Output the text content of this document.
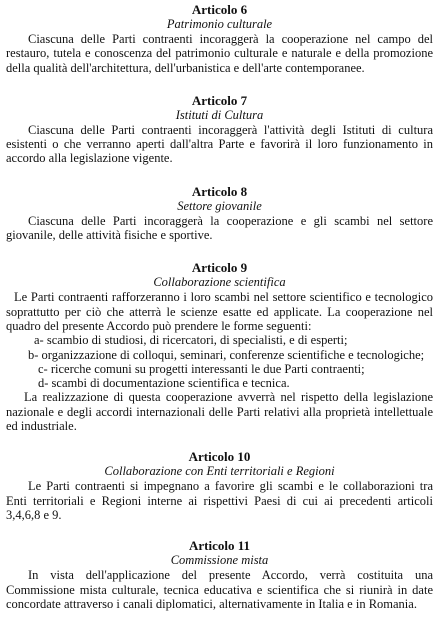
Articolo 6

Patrimonio culturale

Ciascuna delle Parti contraenti incoraggerà la cooperazione nel campo del restauro, tutela e conoscenza del patrimonio culturale e naturale e della promozione della qualità dell'architettura, dell'urbanistica e dell'arte contemporanee.

Articolo 7

Istituti di Cultura

Ciascuna delle Parti contraenti incoraggerà l'attività degli Istituti di cultura esistenti o che verranno aperti dall'altra Parte e favorirà il loro funzionamento in accordo alla legislazione vigente.

Articolo 8

Settore giovanile

Ciascuna delle Parti incoraggerà la cooperazione e gli scambi nel settore giovanile, delle attività fisiche e sportive.

Articolo 9

Collaborazione scientifica

Le Parti contraenti rafforzeranno i loro scambi nel settore scientifico e tecnologico soprattutto per ciò che atterrà le scienze esatte ed applicate. La cooperazione nel quadro del presente Accordo può prendere le forme seguenti:

a- scambio di studiosi, di ricercatori, di specialisti, e di esperti;

b- organizzazione di colloqui, seminari, conferenze scientifiche e tecnologiche;

c- ricerche comuni su progetti interessanti le due Parti contraenti;

d- scambi di documentazione scientifica e tecnica.

La realizzazione di questa cooperazione avverrà nel rispetto della legislazione nazionale e degli accordi internazionali delle Parti relativi alla proprietà intellettuale ed industriale.

Articolo 10

Collaborazione con Enti territoriali e Regioni

Le Parti contraenti si impegnano a favorire gli scambi e le collaborazioni tra Enti territoriali e Regioni interne ai rispettivi Paesi di cui ai precedenti articoli 3,4,6,8 e 9.

Articolo 11

Commissione mista

In vista dell'applicazione del presente Accordo, verrà costituita una Commissione mista culturale, tecnica educativa e scientifica che si riunirà in date concordate attraverso i canali diplomatici, alternativamente in Italia e in Romania.
